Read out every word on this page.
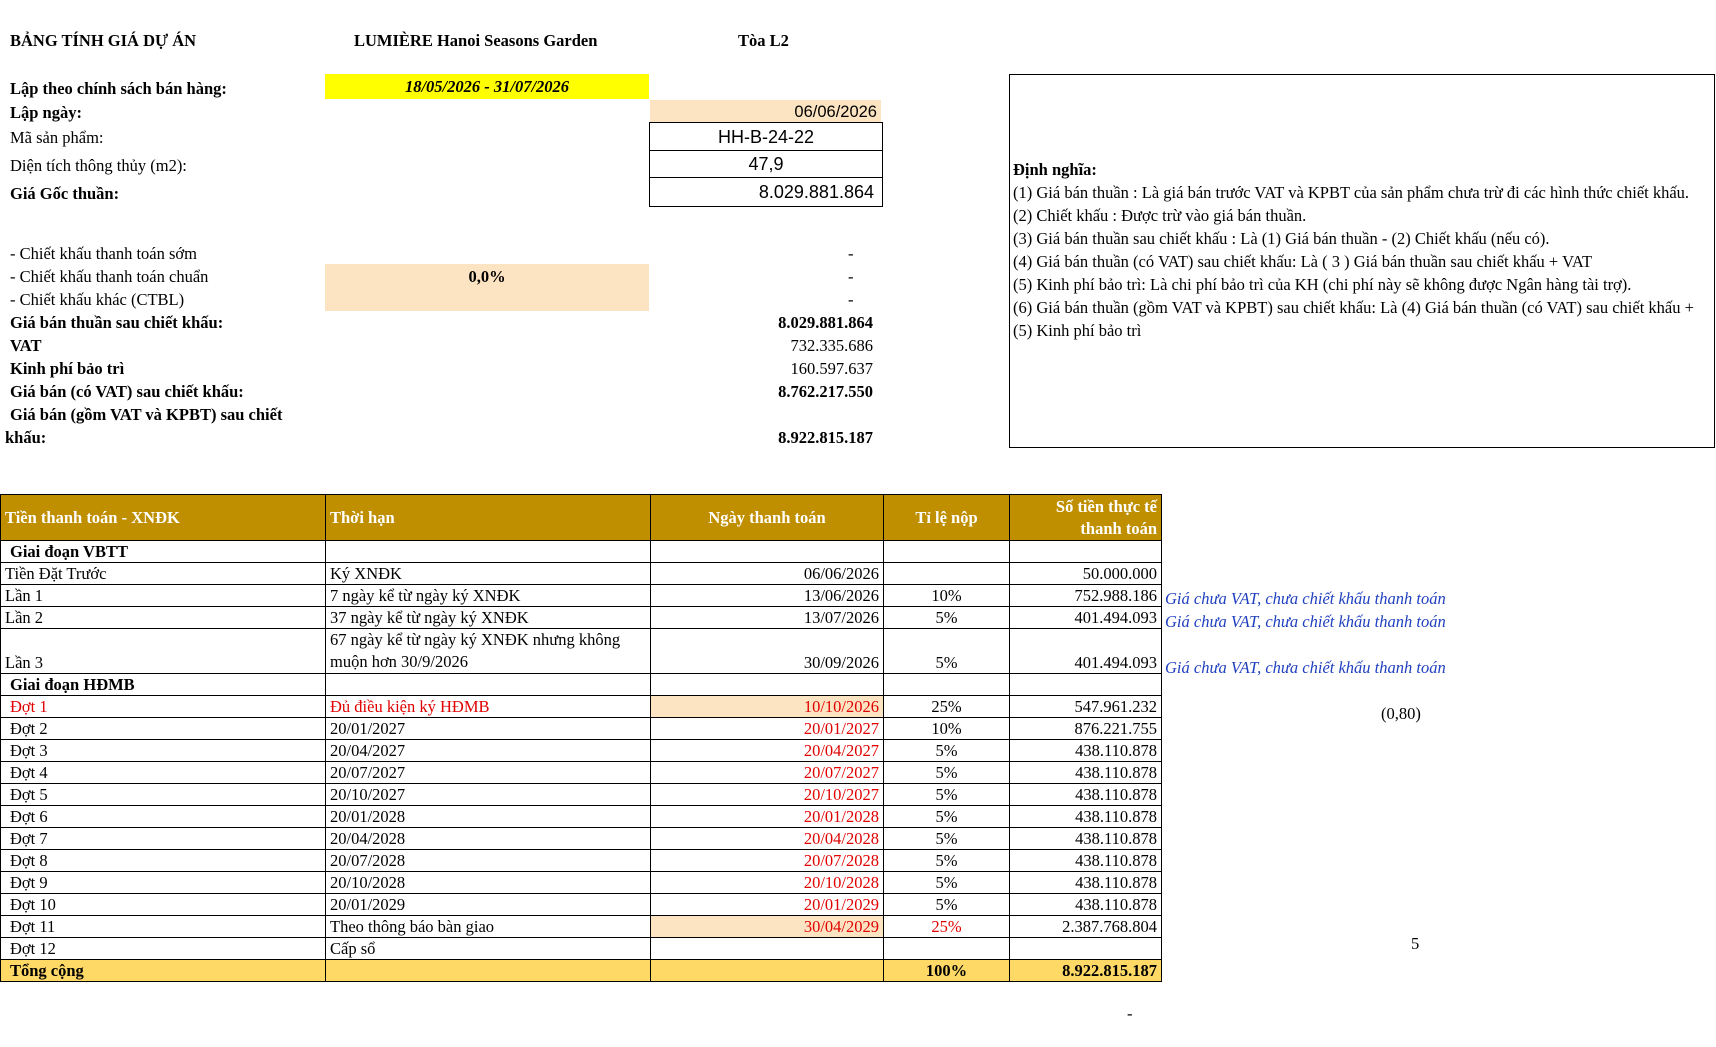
BẢNG TÍNH GIÁ DỰ ÁN	LUMIÈRE Hanoi Seasons Garden	Tòa L2
Lập theo chính sách bán hàng:	18/05/2026 - 31/07/2026
Lập ngày:	06/06/2026
Mã sản phẩm:	HH-B-24-22
Diện tích thông thủy (m2):	47,9
Giá Gốc thuần:	8.029.881.864
- Chiết khấu thanh toán sớm	-
- Chiết khấu thanh toán chuẩn	0,0%	-
- Chiết khấu khác (CTBL)	-
Giá bán thuần sau chiết khấu:	8.029.881.864
VAT	732.335.686
Kinh phí bảo trì	160.597.637
Giá bán (có VAT) sau chiết khấu:	8.762.217.550
Giá bán (gồm VAT và KPBT) sau chiết
khấu:	8.922.815.187
Định nghĩa:
(1) Giá bán thuần : Là giá bán trước VAT và KPBT của sản phẩm chưa trừ đi các hình thức chiết khấu.
(2) Chiết khấu : Được trừ vào giá bán thuần.
(3) Giá bán thuần sau chiết khấu : Là (1) Giá bán thuần - (2) Chiết khấu (nếu có).
(4) Giá bán thuần (có VAT) sau chiết khấu: Là ( 3 ) Giá bán thuần sau chiết khấu + VAT
(5) Kinh phí bảo trì: Là chi phí bảo trì của KH (chi phí này sẽ không được Ngân hàng tài trợ).
(6) Giá bán thuần (gồm VAT và KPBT) sau chiết khấu: Là (4) Giá bán thuần (có VAT) sau chiết khấu + (5) Kinh phí bảo trì
Tiền thanh toán - XNĐK	Thời hạn	Ngày thanh toán	Tỉ lệ nộp	Số tiền thực tế thanh toán
Giai đoạn VBTT				
Tiền Đặt Trước	Ký XNĐK	06/06/2026		50.000.000
Lần 1	7 ngày kể từ ngày ký XNĐK	13/06/2026	10%	752.988.186
Lần 2	37 ngày kể từ ngày ký XNĐK	13/07/2026	5%	401.494.093
Lần 3	67 ngày kể từ ngày ký XNĐK nhưng không muộn hơn 30/9/2026	30/09/2026	5%	401.494.093
Giai đoạn HĐMB				
Đợt 1	Đủ điều kiện ký HĐMB	10/10/2026	25%	547.961.232
Đợt 2	20/01/2027	20/01/2027	10%	876.221.755
Đợt 3	20/04/2027	20/04/2027	5%	438.110.878
Đợt 4	20/07/2027	20/07/2027	5%	438.110.878
Đợt 5	20/10/2027	20/10/2027	5%	438.110.878
Đợt 6	20/01/2028	20/01/2028	5%	438.110.878
Đợt 7	20/04/2028	20/04/2028	5%	438.110.878
Đợt 8	20/07/2028	20/07/2028	5%	438.110.878
Đợt 9	20/10/2028	20/10/2028	5%	438.110.878
Đợt 10	20/01/2029	20/01/2029	5%	438.110.878
Đợt 11	Theo thông báo bàn giao	30/04/2029	25%	2.387.768.804
Đợt 12	Cấp sổ			
Tổng cộng			100%	8.922.815.187
Giá chưa VAT, chưa chiết khấu thanh toán
Giá chưa VAT, chưa chiết khấu thanh toán
Giá chưa VAT, chưa chiết khấu thanh toán
(0,80)
5
-
